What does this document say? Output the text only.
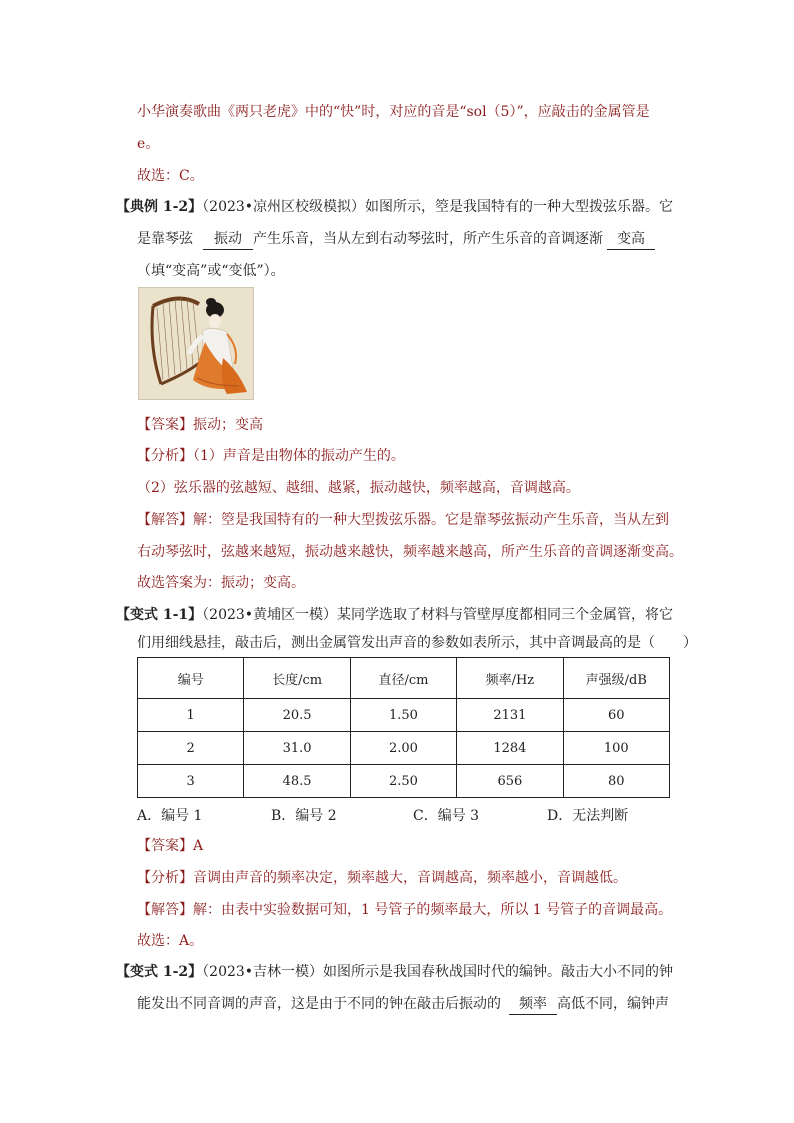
小华演奏歌曲《两只老虎》中的“快”时，对应的音是“sol（5）”，应敲击的金属管是
e。
故选：C。
【典例 1-2】（2023•凉州区校级模拟）如图所示，箜是我国特有的一种大型拨弦乐器。它
是靠琴弦 振动 产生乐音，当从左到右动琴弦时，所产生乐音的音调逐渐 变高
（填“变高”或“变低”）。
【答案】振动；变高
【分析】（1）声音是由物体的振动产生的。
（2）弦乐器的弦越短、越细、越紧，振动越快，频率越高，音调越高。
【解答】解：箜是我国特有的一种大型拨弦乐器。它是靠琴弦振动产生乐音，当从左到
右动琴弦时，弦越来越短，振动越来越快，频率越来越高，所产生乐音的音调逐渐变高。
故选答案为：振动；变高。
【变式 1-1】（2023•黄埔区一模）某同学选取了材料与管壁厚度都相同三个金属管，将它
们用细线悬挂，敲击后，测出金属管发出声音的参数如表所示，其中音调最高的是（　　）
编号	长度/cm	直径/cm	频率/Hz	声强级/dB
1	20.5	1.50	2131	60
2	31.0	2.00	1284	100
3	48.5	2.50	656	80
A．编号 1	B．编号 2	C．编号 3	D．无法判断
【答案】A
【分析】音调由声音的频率决定，频率越大，音调越高，频率越小，音调越低。
【解答】解：由表中实验数据可知，1 号管子的频率最大，所以 1 号管子的音调最高。
故选：A。
【变式 1-2】（2023•吉林一模）如图所示是我国春秋战国时代的编钟。敲击大小不同的钟
能发出不同音调的声音，这是由于不同的钟在敲击后振动的 频率 高低不同，编钟声
